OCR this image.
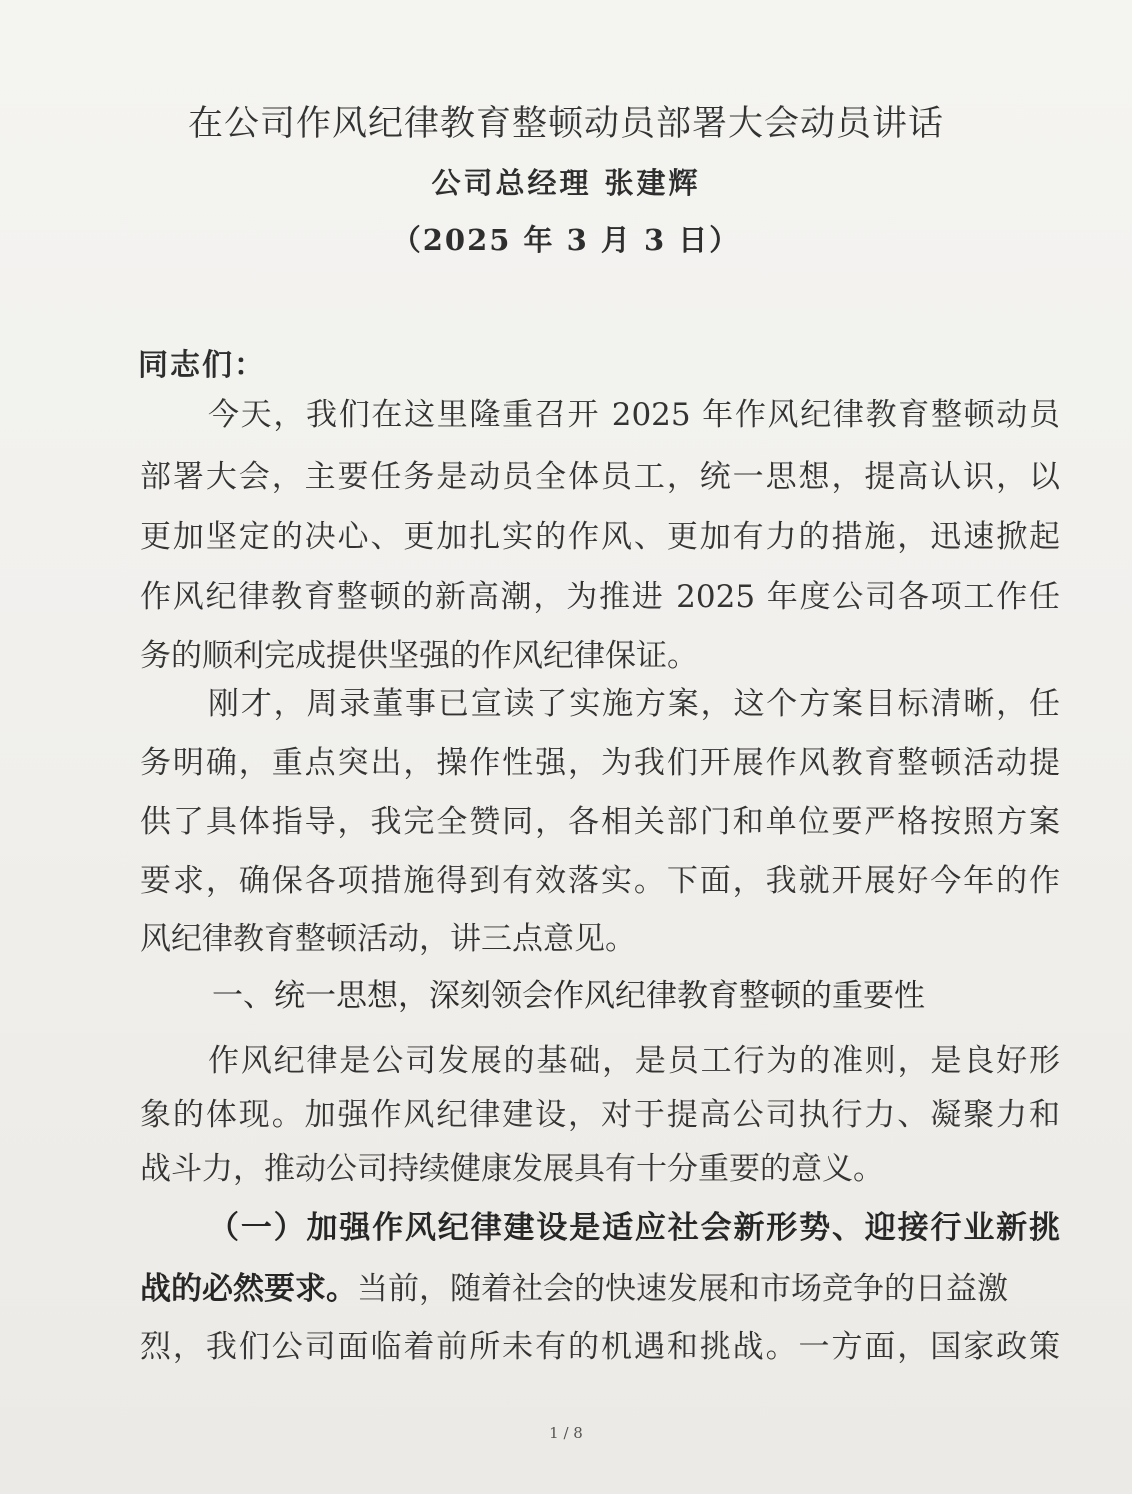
在公司作风纪律教育整顿动员部署大会动员讲话
公司总经理 张建辉
（2025 年 3 月 3 日）
同志们：
今天，我们在这里隆重召开 2025 年作风纪律教育整顿动员
部署大会，主要任务是动员全体员工，统一思想，提高认识，以
更加坚定的决心、更加扎实的作风、更加有力的措施，迅速掀起
作风纪律教育整顿的新高潮，为推进 2025 年度公司各项工作任
务的顺利完成提供坚强的作风纪律保证。
刚才，周录董事已宣读了实施方案，这个方案目标清晰，任
务明确，重点突出，操作性强，为我们开展作风教育整顿活动提
供了具体指导，我完全赞同，各相关部门和单位要严格按照方案
要求，确保各项措施得到有效落实。下面，我就开展好今年的作
风纪律教育整顿活动，讲三点意见。
一、统一思想，深刻领会作风纪律教育整顿的重要性
作风纪律是公司发展的基础，是员工行为的准则，是良好形
象的体现。加强作风纪律建设，对于提高公司执行力、凝聚力和
战斗力，推动公司持续健康发展具有十分重要的意义。
（一）加强作风纪律建设是适应社会新形势、迎接行业新挑
战的必然要求。当前，随着社会的快速发展和市场竞争的日益激
烈，我们公司面临着前所未有的机遇和挑战。一方面，国家政策
1 / 8
